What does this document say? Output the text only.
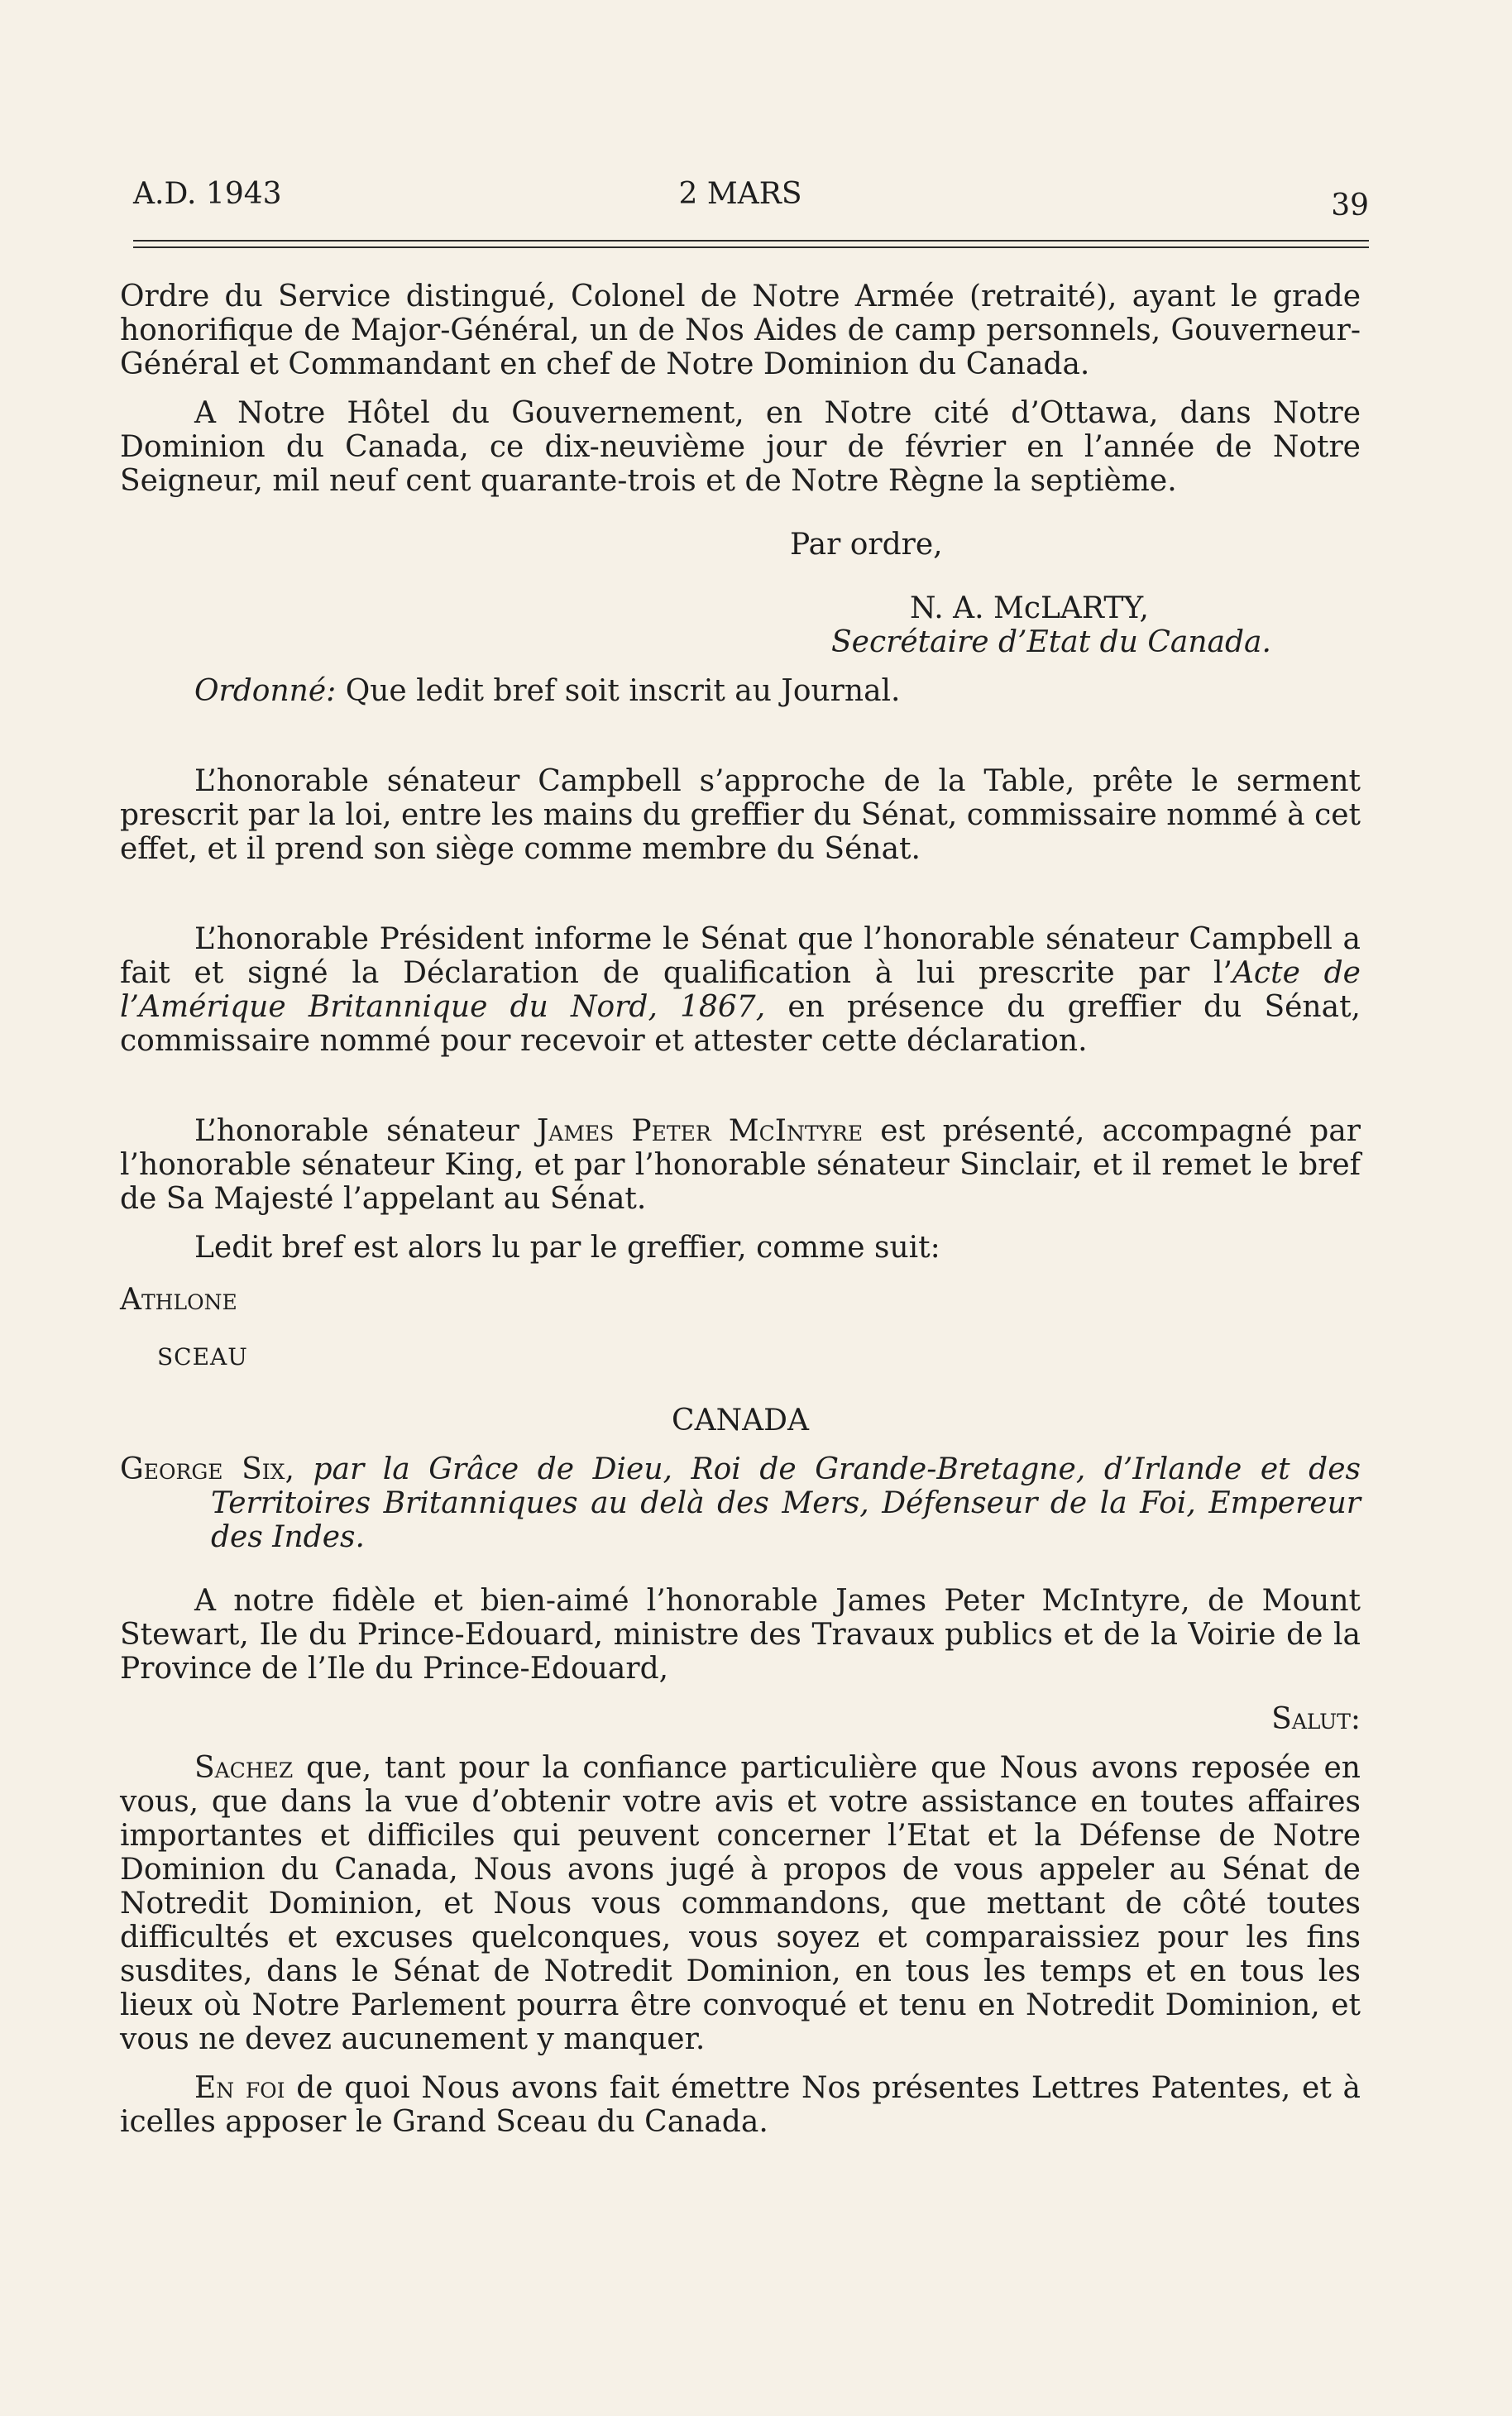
A.D. 1943	2 MARS	39

Ordre du Service distingué, Colonel de Notre Armée (retraité), ayant le grade honorifique de Major-Général, un de Nos Aides de camp personnels, Gouverneur-Général et Commandant en chef de Notre Dominion du Canada.

A Notre Hôtel du Gouvernement, en Notre cité d’Ottawa, dans Notre Dominion du Canada, ce dix-neuvième jour de février en l’année de Notre Seigneur, mil neuf cent quarante-trois et de Notre Règne la septième.

Par ordre,

N. A. McLARTY,

Secrétaire d’Etat du Canada.

Ordonné: Que ledit bref soit inscrit au Journal.

L’honorable sénateur Campbell s’approche de la Table, prête le serment prescrit par la loi, entre les mains du greffier du Sénat, commissaire nommé à cet effet, et il prend son siège comme membre du Sénat.

L’honorable Président informe le Sénat que l’honorable sénateur Campbell a fait et signé la Déclaration de qualification à lui prescrite par l’Acte de l’Amérique Britannique du Nord, 1867, en présence du greffier du Sénat, commissaire nommé pour recevoir et attester cette déclaration.

L’honorable sénateur James Peter McIntyre est présenté, accompagné par l’honorable sénateur King, et par l’honorable sénateur Sinclair, et il remet le bref de Sa Majesté l’appelant au Sénat.

Ledit bref est alors lu par le greffier, comme suit:

Athlone

SCEAU

CANADA

George Six, par la Grâce de Dieu, Roi de Grande-Bretagne, d’Irlande et des Territoires Britanniques au delà des Mers, Défenseur de la Foi, Empereur des Indes.

A notre fidèle et bien-aimé l’honorable James Peter McIntyre, de Mount Stewart, Ile du Prince-Edouard, ministre des Travaux publics et de la Voirie de la Province de l’Ile du Prince-Edouard,

Salut:

Sachez que, tant pour la confiance particulière que Nous avons reposée en vous, que dans la vue d’obtenir votre avis et votre assistance en toutes affaires importantes et difficiles qui peuvent concerner l’Etat et la Défense de Notre Dominion du Canada, Nous avons jugé à propos de vous appeler au Sénat de Notredit Dominion, et Nous vous commandons, que mettant de côté toutes difficultés et excuses quelconques, vous soyez et comparaissiez pour les fins susdites, dans le Sénat de Notredit Dominion, en tous les temps et en tous les lieux où Notre Parlement pourra être convoqué et tenu en Notredit Dominion, et vous ne devez aucunement y manquer.

En foi de quoi Nous avons fait émettre Nos présentes Lettres Patentes, et à icelles apposer le Grand Sceau du Canada.
